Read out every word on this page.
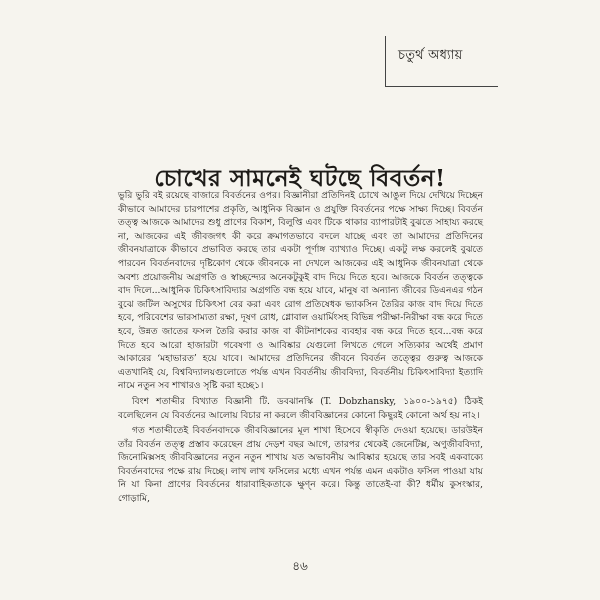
চতুর্থ অধ্যায়
চোখের সামনেই ঘটছে বিবর্তন!

ভুরি ভুরি বই রয়েছে বাজারে বিবর্তনের ওপর। বিজ্ঞানীরা প্রতিদিনই চোখে আঙুল দিয়ে দেখিয়ে দিচ্ছেন কীভাবে আমাদের চারপাশের প্রকৃতি, আধুনিক বিজ্ঞান ও প্রযুক্তি বিবর্তনের পক্ষে সাক্ষ্য দিচ্ছে। বিবর্তন তত্ত্ব আজকে আমাদের শুধু প্রাণের বিকাশ, বিলুপ্তি এবং টিকে থাকার ব্যাপারটাই বুঝতে সাহায্য করছে না, আজকের এই জীবজগৎ কী করে ক্রমাগতভাবে বদলে যাচ্ছে এবং তা আমাদের প্রতিদিনের জীবনযাত্রাকে কীভাবে প্রভাবিত করছে তার একটা পূর্ণাঙ্গ ব্যাখ্যাও দিচ্ছে। একটু লক্ষ করলেই বুঝতে পারবেন বিবর্তনবাদের দৃষ্টিকোণ থেকে জীবনকে না দেখলে আজকের এই আধুনিক জীবনযাত্রা থেকে অবশ্য প্রয়োজনীয় অগ্রগতি ও স্বাচ্ছন্দ্যের অনেকটুকুই বাদ দিয়ে দিতে হবে। আজকে বিবর্তন তত্ত্বকে বাদ দিলে...আধুনিক চিকিৎসাবিদ্যার অগ্রগতি বন্ধ হয়ে যাবে, মানুষ বা অন্যান্য জীবের ডিএনএর গঠন বুঝে জটিল অসুখের চিকিৎসা বের করা এবং রোগ প্রতিষেধক ভ্যাকসিন তৈরির কাজ বাদ দিয়ে দিতে হবে, পরিবেশের ভারসাম্যতা রক্ষা, দূষণ রোধ, গ্লোবাল ওয়ার্মিংসহ বিভিন্ন পরীক্ষা-নিরীক্ষা বন্ধ করে দিতে হবে, উন্নত জাতের ফসল তৈরি করার কাজ বা কীটনাশকের ব্যবহার বন্ধ করে দিতে হবে...বন্ধ করে দিতে হবে আরো হাজারটা গবেষণা ও আবিষ্কার যেগুলো লিখতে গেলে সত্যিকার অর্থেই প্রমাণ আকারের ‘মহাভারত’ হয়ে যাবে। আমাদের প্রতিদিনের জীবনে বিবর্তন তত্ত্বের গুরুত্ব আজকে এতখানিই যে, বিশ্ববিদ্যালয়গুলোতে পর্যন্ত এখন বিবর্তনীয় জীববিদ্যা, বিবর্তনীয় চিকিৎসাবিদ্যা ইত্যাদি নামে নতুন সব শাখারও সৃষ্টি করা হচ্ছে১।

বিংশ শতাব্দীর বিখ্যাত বিজ্ঞানী টি. ডবঝানস্কি (T. Dobzhansky, ১৯০০-১৯৭৫) ঠিকই বলেছিলেন যে বিবর্তনের আলোয় বিচার না করলে জীববিজ্ঞানের কোনো কিছুরই কোনো অর্থ হয় না২।

গত শতাব্দীতেই বিবর্তনবাদকে জীববিজ্ঞানের মূল শাখা হিসেবে স্বীকৃতি দেওয়া হয়েছে। ডারউইন তাঁর বিবর্তন তত্ত্ব প্রস্তাব করেছেন প্রায় দেড়শ বছর আগে, তারপর থেকেই জেনেটিক্স, অণুজীববিদ্যা, জিনোমিক্সসহ জীববিজ্ঞানের নতুন নতুন শাখায় যত অভাবনীয় আবিষ্কার হয়েছে তার সবই একবাক্যে বিবর্তনবাদের পক্ষে রায় দিচ্ছে। লাখ লাখ ফসিলের মধ্যে এখন পর্যন্ত এমন একটাও ফসিল পাওয়া যায় নি যা কিনা প্রাণের বিবর্তনের ধারাবাহিকতাকে ক্ষুণ্ন করে। কিন্তু তাতেই-বা কী? ধর্মীয় কুসংস্কার, গোড়ামি,

৪৬
